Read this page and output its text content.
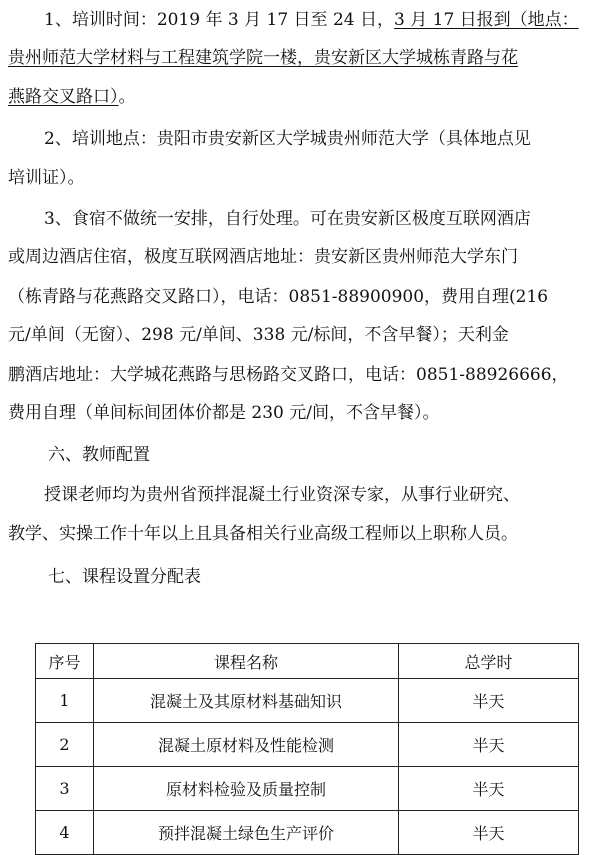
1、培训时间：2019 年 3 月 17 日至 24 日，3 月 17 日报到（地点：
贵州师范大学材料与工程建筑学院一楼，贵安新区大学城栋青路与花
燕路交叉路口）。
2、培训地点：贵阳市贵安新区大学城贵州师范大学（具体地点见
培训证）。
3、食宿不做统一安排，自行处理。可在贵安新区极度互联网酒店
或周边酒店住宿，极度互联网酒店地址：贵安新区贵州师范大学东门
（栋青路与花燕路交叉路口），电话：0851-88900900，费用自理(216
元/单间（无窗）、298 元/单间、338 元/标间，不含早餐）；天利金
鹏酒店地址：大学城花燕路与思杨路交叉路口，电话：0851-88926666，
费用自理（单间标间团体价都是 230 元/间，不含早餐）。
六、教师配置
授课老师均为贵州省预拌混凝土行业资深专家，从事行业研究、
教学、实操工作十年以上且具备相关行业高级工程师以上职称人员。
七、课程设置分配表
序号	课程名称	总学时
1	混凝土及其原材料基础知识	半天
2	混凝土原材料及性能检测	半天
3	原材料检验及质量控制	半天
4	预拌混凝土绿色生产评价	半天
